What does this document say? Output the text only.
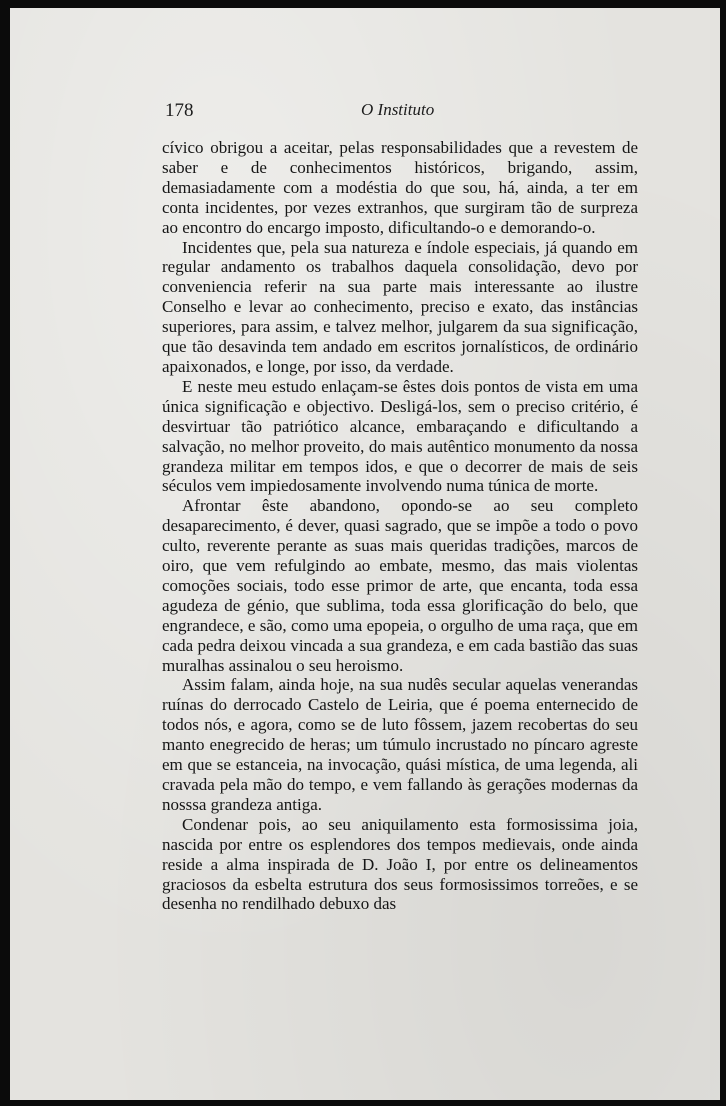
178	O Instituto

cívico obrigou a aceitar, pelas responsabilidades que a revestem de saber e de conhecimentos históricos, brigando, assim, demasiadamente com a modéstia do que sou, há, ainda, a ter em conta incidentes, por vezes extranhos, que surgiram tão de surpreza ao encontro do encargo imposto, dificultando-o e demorando-o.

Incidentes que, pela sua natureza e índole especiais, já quando em regular andamento os trabalhos daquela consolidação, devo por conveniencia referir na sua parte mais interessante ao ilustre Conselho e levar ao conhecimento, preciso e exato, das instâncias superiores, para assim, e talvez melhor, julgarem da sua significação, que tão desavinda tem andado em escritos jornalísticos, de ordinário apaixonados, e longe, por isso, da verdade.

E neste meu estudo enlaçam-se êstes dois pontos de vista em uma única significação e objectivo. Desligá-los, sem o preciso critério, é desvirtuar tão patriótico alcance, embaraçando e dificultando a salvação, no melhor proveito, do mais autêntico monumento da nossa grandeza militar em tempos idos, e que o decorrer de mais de seis séculos vem impiedosamente involvendo numa túnica de morte.

Afrontar êste abandono, opondo-se ao seu completo desaparecimento, é dever, quasi sagrado, que se impõe a todo o povo culto, reverente perante as suas mais queridas tradições, marcos de oiro, que vem refulgindo ao embate, mesmo, das mais violentas comoções sociais, todo esse primor de arte, que encanta, toda essa agudeza de génio, que sublima, toda essa glorificação do belo, que engrandece, e são, como uma epopeia, o orgulho de uma raça, que em cada pedra deixou vincada a sua grandeza, e em cada bastião das suas muralhas assinalou o seu heroismo.

Assim falam, ainda hoje, na sua nudês secular aquelas venerandas ruínas do derrocado Castelo de Leiria, que é poema enternecido de todos nós, e agora, como se de luto fôssem, jazem recobertas do seu manto enegrecido de heras; um túmulo incrustado no píncaro agreste em que se estanceia, na invocação, quási mística, de uma legenda, ali cravada pela mão do tempo, e vem fallando às gerações modernas da nosssa grandeza antiga.

Condenar pois, ao seu aniquilamento esta formosissima joia, nascida por entre os esplendores dos tempos medievais, onde ainda reside a alma inspirada de D. João I, por entre os delineamentos graciosos da esbelta estrutura dos seus formosissimos torreões, e se desenha no rendilhado debuxo das
